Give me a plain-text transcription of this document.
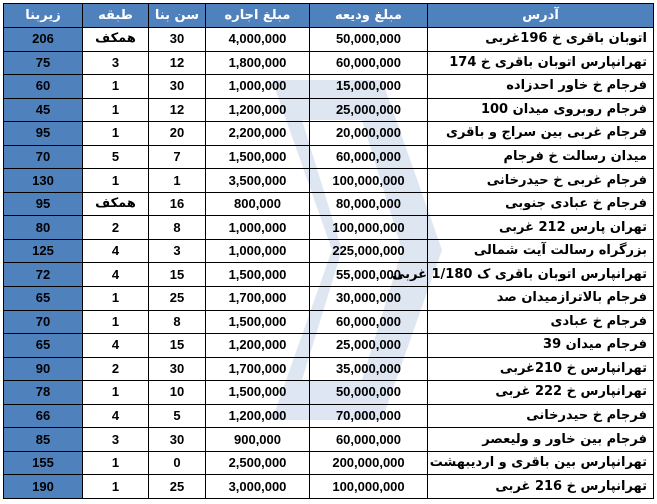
آدرس	مبلغ ودیعه	مبلغ اجاره	سن بنا	طبقه	زیربنا
اتوبان باقری خ 196غربی	50,000,000	4,000,000	30	همکف	206
تهرانپارس اتوبان باقری خ 174	60,000,000	1,800,000	12	3	75
فرجام خ خاور احدزاده	15,000,000	1,000,000	30	1	60
فرجام روبروی میدان 100	25,000,000	1,200,000	12	1	45
فرجام غربی بین سراج و باقری	20,000,000	2,200,000	20	1	95
میدان رسالت خ فرجام	60,000,000	1,500,000	7	5	70
فرجام غربی خ حیدرخانی	100,000,000	3,500,000	1	1	130
فرجام خ عبادی جنوبی	80,000,000	800,000	16	همکف	95
تهران پارس 212 غربی	100,000,000	1,000,000	8	2	80
بزرگراه رسالت آیت شمالی	225,000,000	1,000,000	3	4	125
تهرانپارس اتوبان باقری ک 1/180 غربی	55,000,000	1,500,000	15	4	72
فرجام بالاترازمیدان صد	30,000,000	1,700,000	25	1	65
فرجام خ عبادی	60,000,000	1,500,000	8	1	70
فرجام میدان 39	25,000,000	1,200,000	15	4	65
تهرانپارس خ 210غربی	35,000,000	1,700,000	30	2	90
تهرانپارس خ 222 غربی	50,000,000	1,500,000	10	1	78
فرجام خ حیدرخانی	70,000,000	1,200,000	5	4	66
فرجام بین خاور و ولیعصر	60,000,000	900,000	30	3	85
تهرانپارس بین باقری و اردیبهشت	200,000,000	2,500,000	0	1	155
تهرانپارس خ 216 غربی	100,000,000	3,000,000	25	1	190
